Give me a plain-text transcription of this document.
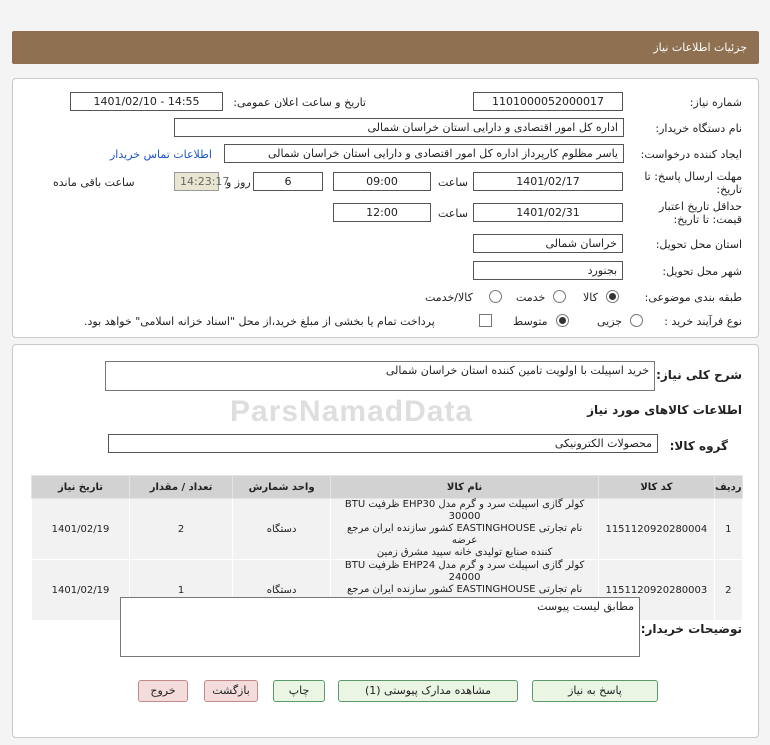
جزئیات اطلاعات نیاز
شماره نیاز:
1101000052000017
تاریخ و ساعت اعلان عمومی:
1401/02/10 - 14:55
نام دستگاه خریدار:
اداره کل امور اقتصادی و دارایی استان خراسان شمالی
ایجاد کننده درخواست:
یاسر مظلوم کارپرداز اداره کل امور اقتصادی و دارایی استان خراسان شمالی
اطلاعات تماس خریدار
مهلت ارسال پاسخ: تا
تاریخ:
1401/02/17
ساعت
09:00
6
روز و
14:23:17
ساعت باقی مانده
حداقل تاریخ اعتبار
قیمت: تا تاریخ:
1401/02/31
ساعت
12:00
استان محل تحویل:
خراسان شمالی
شهر محل تحویل:
بجنورد
طبقه بندی موضوعی:
کالا
خدمت
کالا/خدمت
نوع فرآیند خرید :
جزیی
متوسط
پرداخت تمام یا بخشی از مبلغ خرید،از محل "اسناد خزانه اسلامی" خواهد بود.
شرح کلی نیاز:
خرید اسپیلت با اولویت تامین کننده استان خراسان شمالی
اطلاعات کالاهای مورد نیاز
گروه کالا:
محصولات الکترونیکی
ردیف	کد کالا	نام کالا	واحد شمارش	تعداد / مقدار	تاریخ نیاز
1	1151120920280004	کولر گازی اسپیلت سرد و گرم مدل EHP30 ظرفیت BTU 30000
نام تجارتی EASTINGHOUSE کشور سازنده ایران مرجع عرضه
کننده صنایع تولیدی خانه سپید مشرق زمین	دستگاه	2	1401/02/19
2	1151120920280003	کولر گازی اسپیلت سرد و گرم مدل EHP24 ظرفیت BTU 24000
نام تجارتی EASTINGHOUSE کشور سازنده ایران مرجع	دستگاه	1	1401/02/19
توضیحات خریدار:
مطابق لیست پیوست
ParsNamadData
پاسخ به نیاز
مشاهده مدارک پیوستی (1)
چاپ
بازگشت
خروج
